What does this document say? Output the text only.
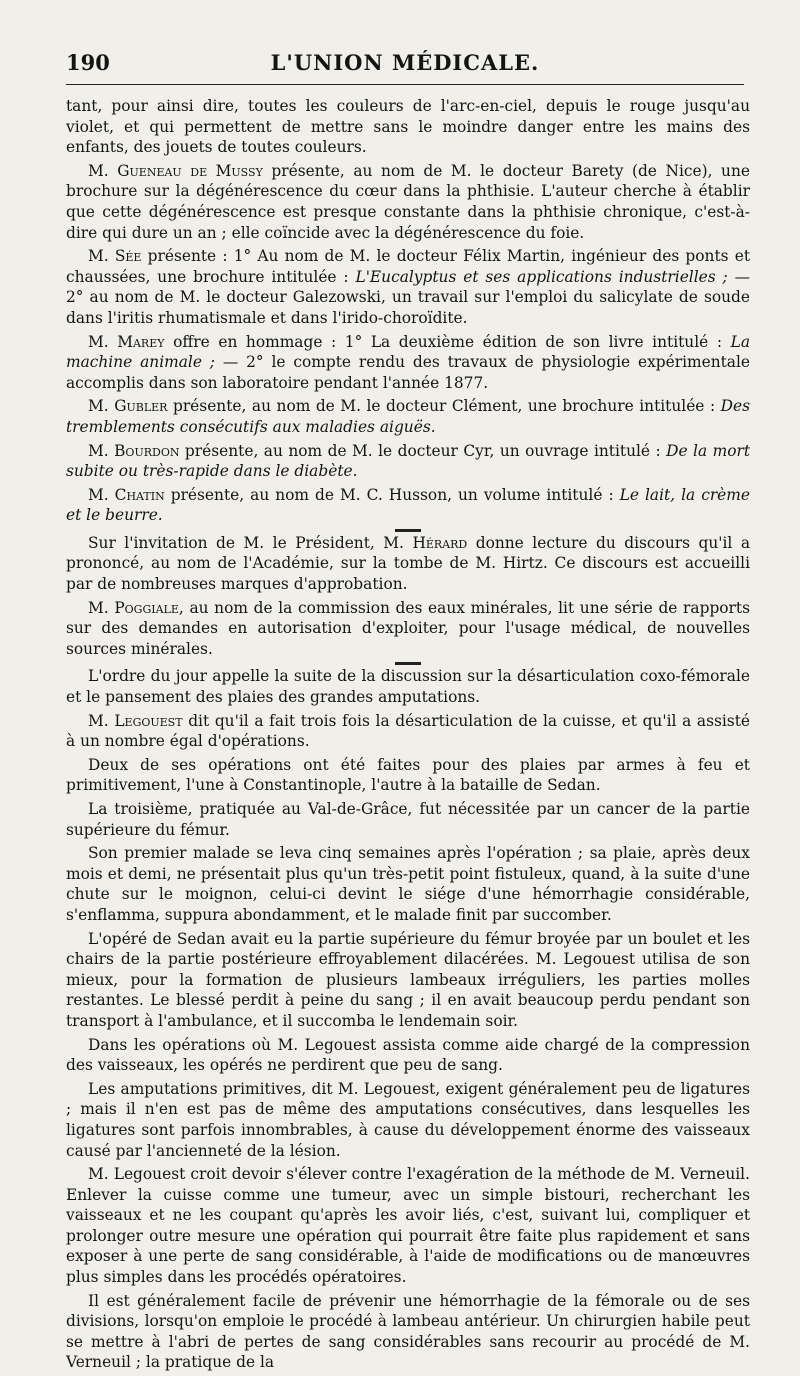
190	L'UNION MÉDICALE.

tant, pour ainsi dire, toutes les couleurs de l'arc-en-ciel, depuis le rouge jusqu'au violet, et qui permettent de mettre sans le moindre danger entre les mains des enfants, des jouets de toutes couleurs.

M. Gueneau de Mussy présente, au nom de M. le docteur Barety (de Nice), une brochure sur la dégénérescence du cœur dans la phthisie. L'auteur cherche à établir que cette dégénérescence est presque constante dans la phthisie chronique, c'est-à-dire qui dure un an ; elle coïncide avec la dégénérescence du foie.

M. Sée présente : 1° Au nom de M. le docteur Félix Martin, ingénieur des ponts et chaussées, une brochure intitulée : L'Eucalyptus et ses applications industrielles ; — 2° au nom de M. le docteur Galezowski, un travail sur l'emploi du salicylate de soude dans l'iritis rhumatismale et dans l'irido-choroïdite.

M. Marey offre en hommage : 1° La deuxième édition de son livre intitulé : La machine animale ; — 2° le compte rendu des travaux de physiologie expérimentale accomplis dans son laboratoire pendant l'année 1877.

M. Gubler présente, au nom de M. le docteur Clément, une brochure intitulée : Des tremblements consécutifs aux maladies aiguës.

M. Bourdon présente, au nom de M. le docteur Cyr, un ouvrage intitulé : De la mort subite ou très-rapide dans le diabète.

M. Chatin présente, au nom de M. C. Husson, un volume intitulé : Le lait, la crème et le beurre.

Sur l'invitation de M. le Président, M. Hérard donne lecture du discours qu'il a prononcé, au nom de l'Académie, sur la tombe de M. Hirtz. Ce discours est accueilli par de nombreuses marques d'approbation.

M. Poggiale, au nom de la commission des eaux minérales, lit une série de rapports sur des demandes en autorisation d'exploiter, pour l'usage médical, de nouvelles sources minérales.

L'ordre du jour appelle la suite de la discussion sur la désarticulation coxo-fémorale et le pansement des plaies des grandes amputations.

M. Legouest dit qu'il a fait trois fois la désarticulation de la cuisse, et qu'il a assisté à un nombre égal d'opérations.

Deux de ses opérations ont été faites pour des plaies par armes à feu et primitivement, l'une à Constantinople, l'autre à la bataille de Sedan.

La troisième, pratiquée au Val-de-Grâce, fut nécessitée par un cancer de la partie supérieure du fémur.

Son premier malade se leva cinq semaines après l'opération ; sa plaie, après deux mois et demi, ne présentait plus qu'un très-petit point fistuleux, quand, à la suite d'une chute sur le moignon, celui-ci devint le siége d'une hémorrhagie considérable, s'enflamma, suppura abondamment, et le malade finit par succomber.

L'opéré de Sedan avait eu la partie supérieure du fémur broyée par un boulet et les chairs de la partie postérieure effroyablement dilacérées. M. Legouest utilisa de son mieux, pour la formation de plusieurs lambeaux irréguliers, les parties molles restantes. Le blessé perdit à peine du sang ; il en avait beaucoup perdu pendant son transport à l'ambulance, et il succomba le lendemain soir.

Dans les opérations où M. Legouest assista comme aide chargé de la compression des vaisseaux, les opérés ne perdirent que peu de sang.

Les amputations primitives, dit M. Legouest, exigent généralement peu de ligatures ; mais il n'en est pas de même des amputations consécutives, dans lesquelles les ligatures sont parfois innombrables, à cause du développement énorme des vaisseaux causé par l'ancienneté de la lésion.

M. Legouest croit devoir s'élever contre l'exagération de la méthode de M. Verneuil. Enlever la cuisse comme une tumeur, avec un simple bistouri, recherchant les vaisseaux et ne les coupant qu'après les avoir liés, c'est, suivant lui, compliquer et prolonger outre mesure une opération qui pourrait être faite plus rapidement et sans exposer à une perte de sang considérable, à l'aide de modifications ou de manœuvres plus simples dans les procédés opératoires.

Il est généralement facile de prévenir une hémorrhagie de la fémorale ou de ses divisions, lorsqu'on emploie le procédé à lambeau antérieur. Un chirurgien habile peut se mettre à l'abri de pertes de sang considérables sans recourir au procédé de M. Verneuil ; la pratique de la
